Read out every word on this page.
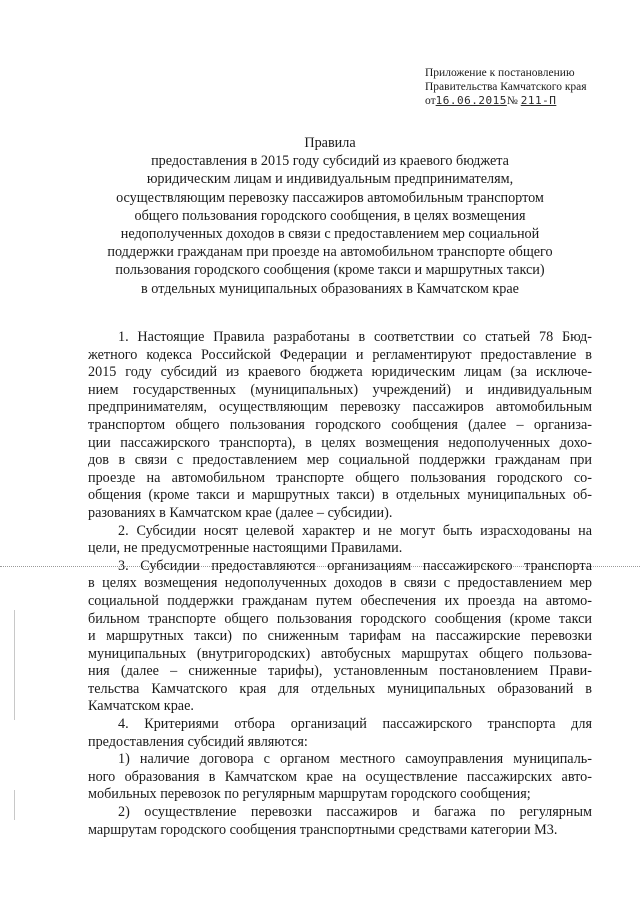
Приложение к постановлению
Правительства Камчатского края
от16.06.2015№ 211-П
Правила
предоставления в 2015 году субсидий из краевого бюджета
юридическим лицам и индивидуальным предпринимателям,
осуществляющим перевозку пассажиров автомобильным транспортом
общего пользования городского сообщения, в целях возмещения
недополученных доходов в связи с предоставлением мер социальной
поддержки гражданам при проезде на автомобильном транспорте общего
пользования городского сообщения (кроме такси и маршрутных такси)
в отдельных муниципальных образованиях в Камчатском крае
1. Настоящие Правила разработаны в соответствии со статьей 78 Бюд-
жетного кодекса Российской Федерации и регламентируют предоставление в
2015 году субсидий из краевого бюджета юридическим лицам (за исключе-
нием государственных (муниципальных) учреждений) и индивидуальным
предпринимателям, осуществляющим перевозку пассажиров автомобильным
транспортом общего пользования городского сообщения (далее – организа-
ции пассажирского транспорта), в целях возмещения недополученных дохо-
дов в связи с предоставлением мер социальной поддержки гражданам при
проезде на автомобильном транспорте общего пользования городского со-
общения (кроме такси и маршрутных такси) в отдельных муниципальных об-
разованиях в Камчатском крае (далее – субсидии).
2. Субсидии носят целевой характер и не могут быть израсходованы на
цели, не предусмотренные настоящими Правилами.
3. Субсидии предоставляются организациям пассажирского транспорта
в целях возмещения недополученных доходов в связи с предоставлением мер
социальной поддержки гражданам путем обеспечения их проезда на автомо-
бильном транспорте общего пользования городского сообщения (кроме такси
и маршрутных такси) по сниженным тарифам на пассажирские перевозки
муниципальных (внутригородских) автобусных маршрутах общего пользова-
ния (далее – сниженные тарифы), установленным постановлением Прави-
тельства Камчатского края для отдельных муниципальных образований в
Камчатском крае.
4. Критериями отбора организаций пассажирского транспорта для
предоставления субсидий являются:
1) наличие договора с органом местного самоуправления муниципаль-
ного образования в Камчатском крае на осуществление пассажирских авто-
мобильных перевозок по регулярным маршрутам городского сообщения;
2) осуществление перевозки пассажиров и багажа по регулярным
маршрутам городского сообщения транспортными средствами категории М3.
